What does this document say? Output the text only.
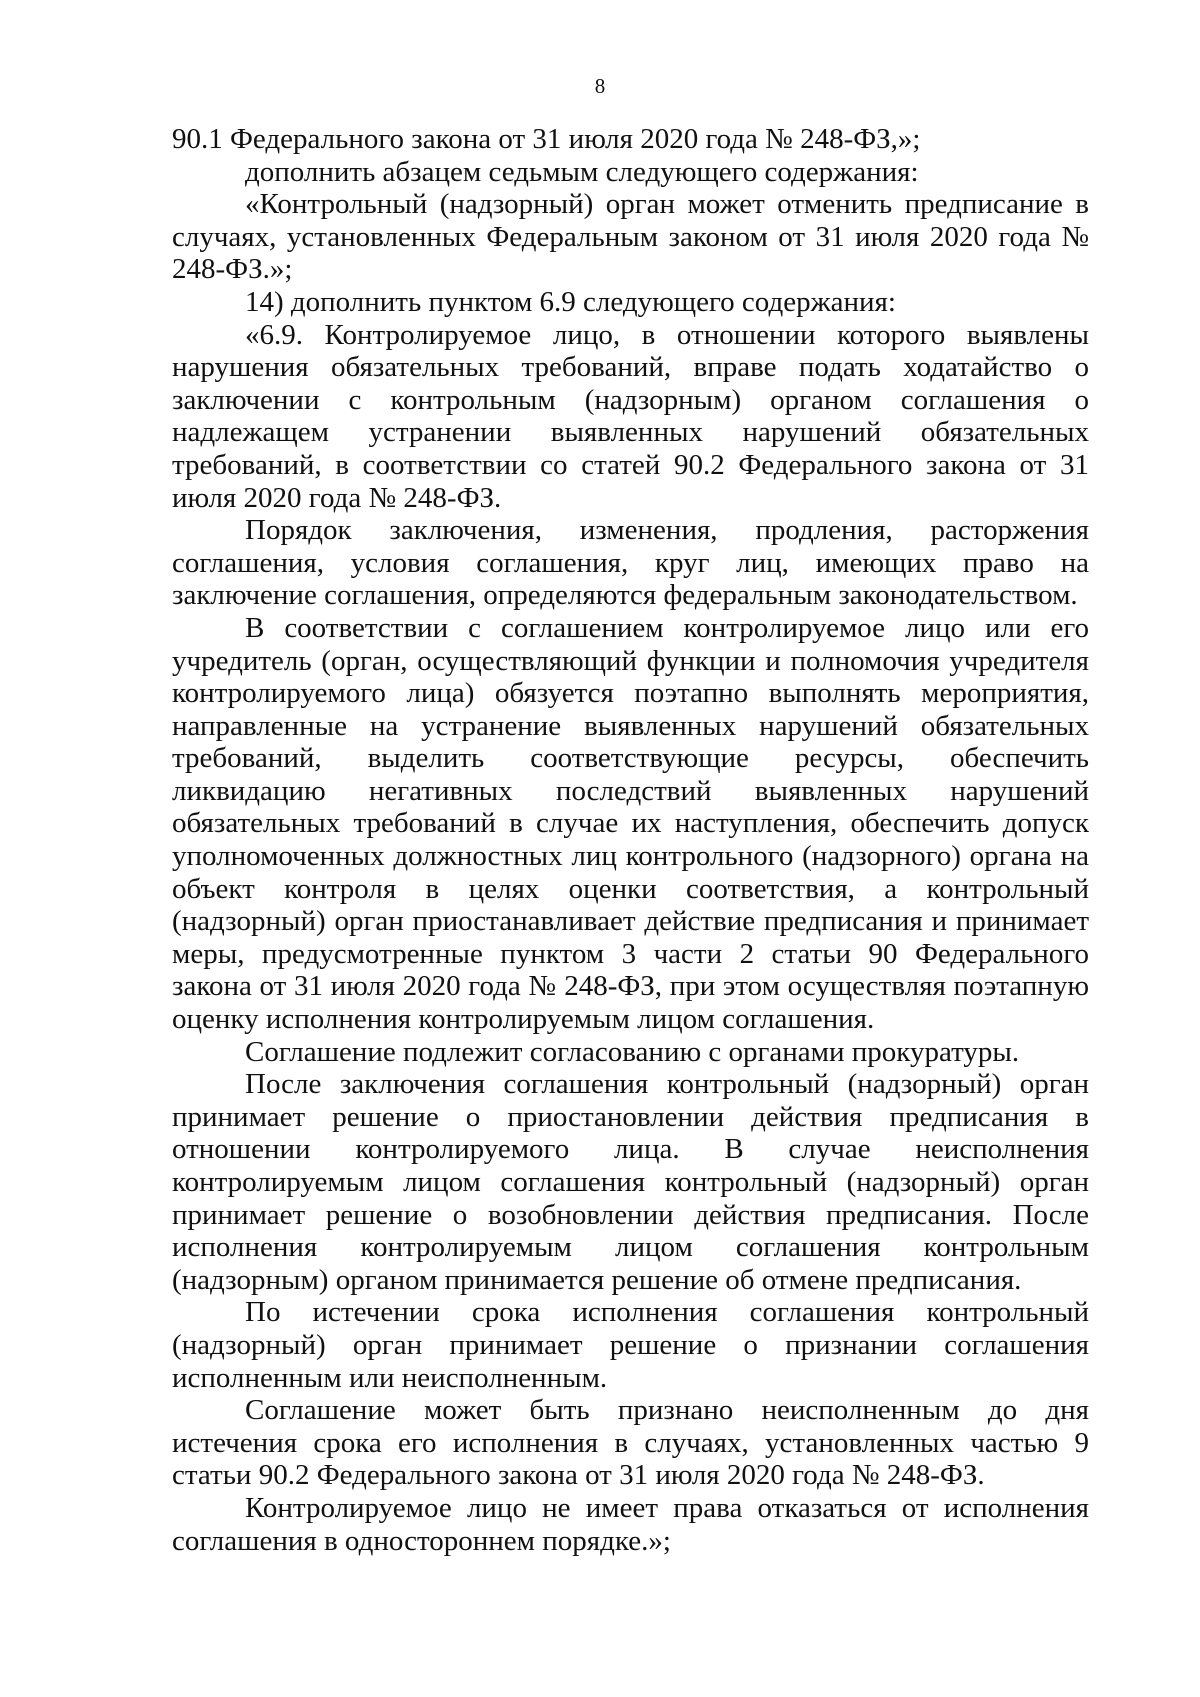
8

90.1 Федерального закона от 31 июля 2020 года № 248-ФЗ,»;

дополнить абзацем седьмым следующего содержания:

«Контрольный (надзорный) орган может отменить предписание в случаях, установленных Федеральным законом от 31 июля 2020 года № 248-ФЗ.»;

14) дополнить пунктом 6.9 следующего содержания:

«6.9. Контролируемое лицо, в отношении которого выявлены нарушения обязательных требований, вправе подать ходатайство о заключении с контрольным (надзорным) органом соглашения о надлежащем устранении выявленных нарушений обязательных требований, в соответствии со статей 90.2 Федерального закона от 31 июля 2020 года № 248-ФЗ.

Порядок заключения, изменения, продления, расторжения соглашения, условия соглашения, круг лиц, имеющих право на заключение соглашения, определяются федеральным законодательством.

В соответствии с соглашением контролируемое лицо или его учредитель (орган, осуществляющий функции и полномочия учредителя контролируемого лица) обязуется поэтапно выполнять мероприятия, направленные на устранение выявленных нарушений обязательных требований, выделить соответствующие ресурсы, обеспечить ликвидацию негативных последствий выявленных нарушений обязательных требований в случае их наступления, обеспечить допуск уполномоченных должностных лиц контрольного (надзорного) органа на объект контроля в целях оценки соответствия, а контрольный (надзорный) орган приостанавливает действие предписания и принимает меры, предусмотренные пунктом 3 части 2 статьи 90 Федерального закона от 31 июля 2020 года № 248-ФЗ, при этом осуществляя поэтапную оценку исполнения контролируемым лицом соглашения.

Соглашение подлежит согласованию с органами прокуратуры.

После заключения соглашения контрольный (надзорный) орган принимает решение о приостановлении действия предписания в отношении контролируемого лица. В случае неисполнения контролируемым лицом соглашения контрольный (надзорный) орган принимает решение о возобновлении действия предписания. После исполнения контролируемым лицом соглашения контрольным (надзорным) органом принимается решение об отмене предписания.

По истечении срока исполнения соглашения контрольный (надзорный) орган принимает решение о признании соглашения исполненным или неисполненным.

Соглашение может быть признано неисполненным до дня истечения срока его исполнения в случаях, установленных частью 9 статьи 90.2 Федерального закона от 31 июля 2020 года № 248-ФЗ.

Контролируемое лицо не имеет права отказаться от исполнения соглашения в одностороннем порядке.»;
